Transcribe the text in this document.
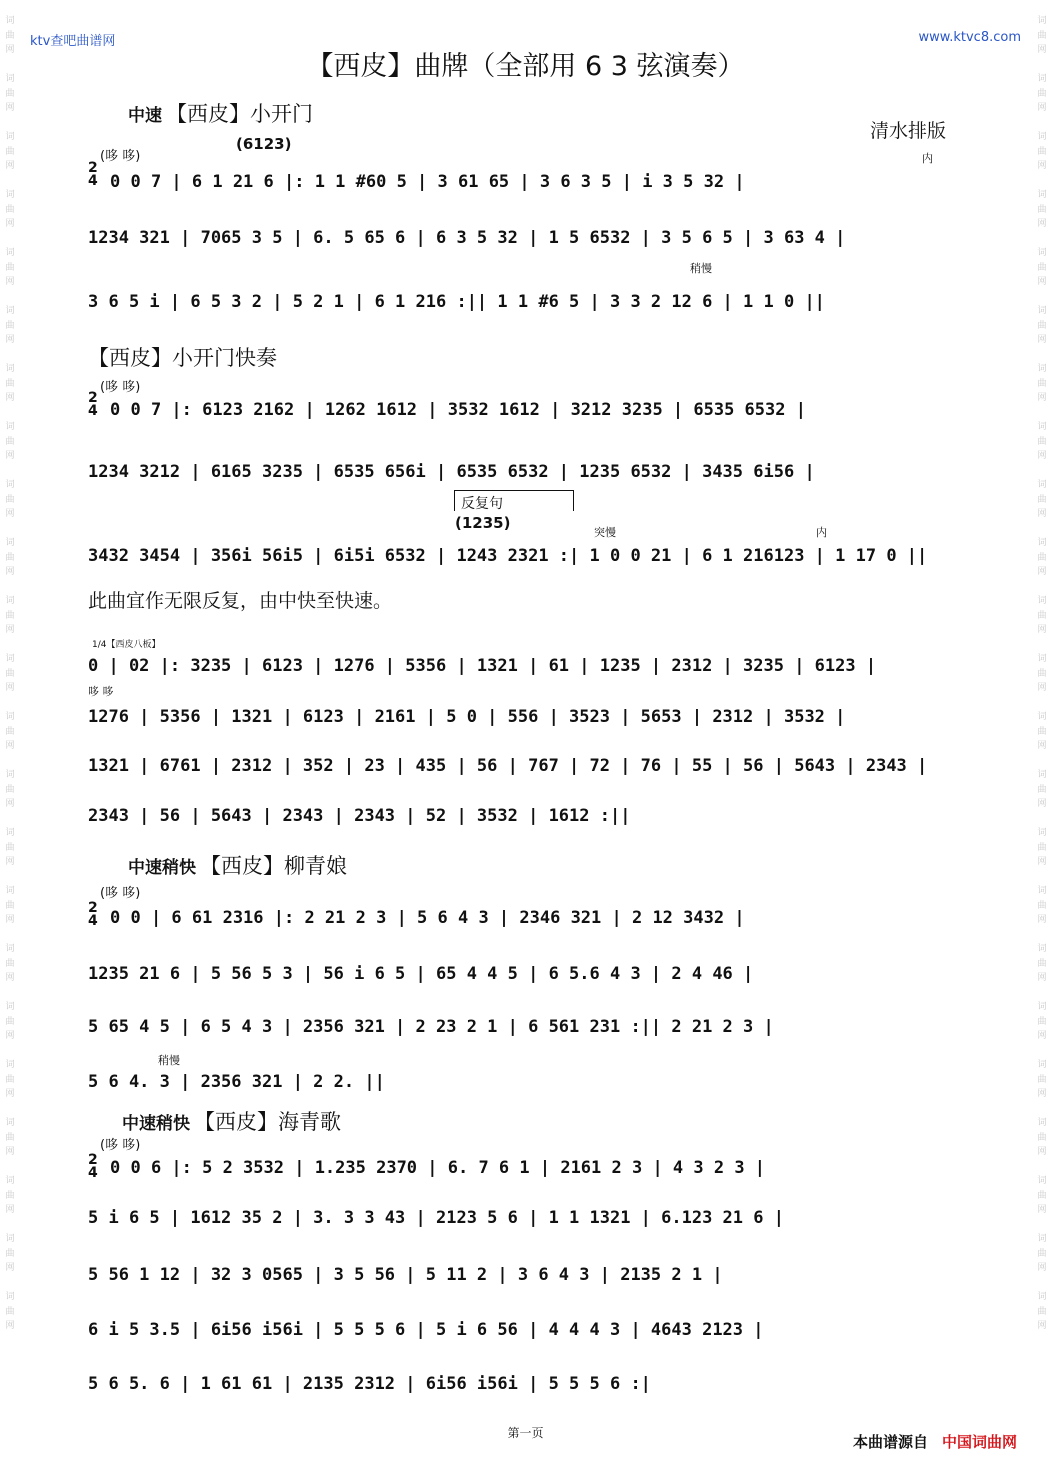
词
曲
网

词
曲
网

词
曲
网

词
曲
网

词
曲
网

词
曲
网

词
曲
网

词
曲
网

词
曲
网

词
曲
网

词
曲
网

词
曲
网

词
曲
网

词
曲
网

词
曲
网

词
曲
网

词
曲
网

词
曲
网

词
曲
网

词
曲
网

词
曲
网

词
曲
网

词
曲
网
词
曲
网

词
曲
网

词
曲
网

词
曲
网

词
曲
网

词
曲
网

词
曲
网

词
曲
网

词
曲
网

词
曲
网

词
曲
网

词
曲
网

词
曲
网

词
曲
网

词
曲
网

词
曲
网

词
曲
网

词
曲
网

词
曲
网

词
曲
网

词
曲
网

词
曲
网

词
曲
网
ktv查吧曲谱网	www.ktvc8.com
【西皮】曲牌（全部用 6 3 弦演奏）
清水排版
中速 【西皮】小开门
(哆 哆)
(6123)
内
稍慢
2
4 0 0 7 | 6 1 21 6 |: 1 1 #60 5 | 3 61 65 | 3 6 3 5 | i 3 5 32 |
1234 321 | 7065 3 5 | 6. 5 65 6 | 6 3 5 32 | 1 5 6532 | 3 5 6 5 | 3 63 4 |
3 6 5 i | 6 5 3 2 | 5 2 1 | 6 1 216 :|| 1 1 #6 5 | 3 3 2 12 6 | 1 1 0 ||
【西皮】小开门快奏
(哆 哆)
2
4 0 0 7 |: 6123 2162 | 1262 1612 | 3532 1612 | 3212 3235 | 6535 6532 |
1234 3212 | 6165 3235 | 6535 656i | 6535 6532 | 1235 6532 | 3435 6i56 |
反复句
(1235)
突慢	内
3432 3454 | 356i 56i5 | 6i5i 6532 | 1243 2321 :| 1 0 0 21 | 6 1 216123 | 1 17 0 ||
此曲宜作无限反复，由中快至快速。
1/4【西皮八板】
0 | 02 |: 3235 | 6123 | 1276 | 5356 | 1321 | 61 | 1235 | 2312 | 3235 | 6123 |
哆 哆
1276 | 5356 | 1321 | 6123 | 2161 | 5 0 | 556 | 3523 | 5653 | 2312 | 3532 |
1321 | 6761 | 2312 | 352 | 23 | 435 | 56 | 767 | 72 | 76 | 55 | 56 | 5643 | 2343 |
2343 | 56 | 5643 | 2343 | 2343 | 52 | 3532 | 1612 :||
中速稍快 【西皮】柳青娘
(哆 哆)
2
4 0 0 | 6 61 2316 |: 2 21 2 3 | 5 6 4 3 | 2346 321 | 2 12 3432 |
1235 21 6 | 5 56 5 3 | 56 i 6 5 | 65 4 4 5 | 6 5.6 4 3 | 2 4 46 |
5 65 4 5 | 6 5 4 3 | 2356 321 | 2 23 2 1 | 6 561 231 :|| 2 21 2 3 |
稍慢
5 6 4. 3 | 2356 321 | 2 2. ||
中速稍快 【西皮】海青歌
(哆 哆)
2
4 0 0 6 |: 5 2 3532 | 1.235 2370 | 6. 7 6 1 | 2161 2 3 | 4 3 2 3 |
5 i 6 5 | 1612 35 2 | 3. 3 3 43 | 2123 5 6 | 1 1 1321 | 6.123 21 6 |
5 56 1 12 | 32 3 0565 | 3 5 56 | 5 11 2 | 3 6 4 3 | 2135 2 1 |
6 i 5 3.5 | 6i56 i56i | 5 5 5 6 | 5 i 6 56 | 4 4 4 3 | 4643 2123 |
5 6 5. 6 | 1 61 61 | 2135 2312 | 6i56 i56i | 5 5 5 6 :|
第一页	本曲谱源自 中国词曲网
